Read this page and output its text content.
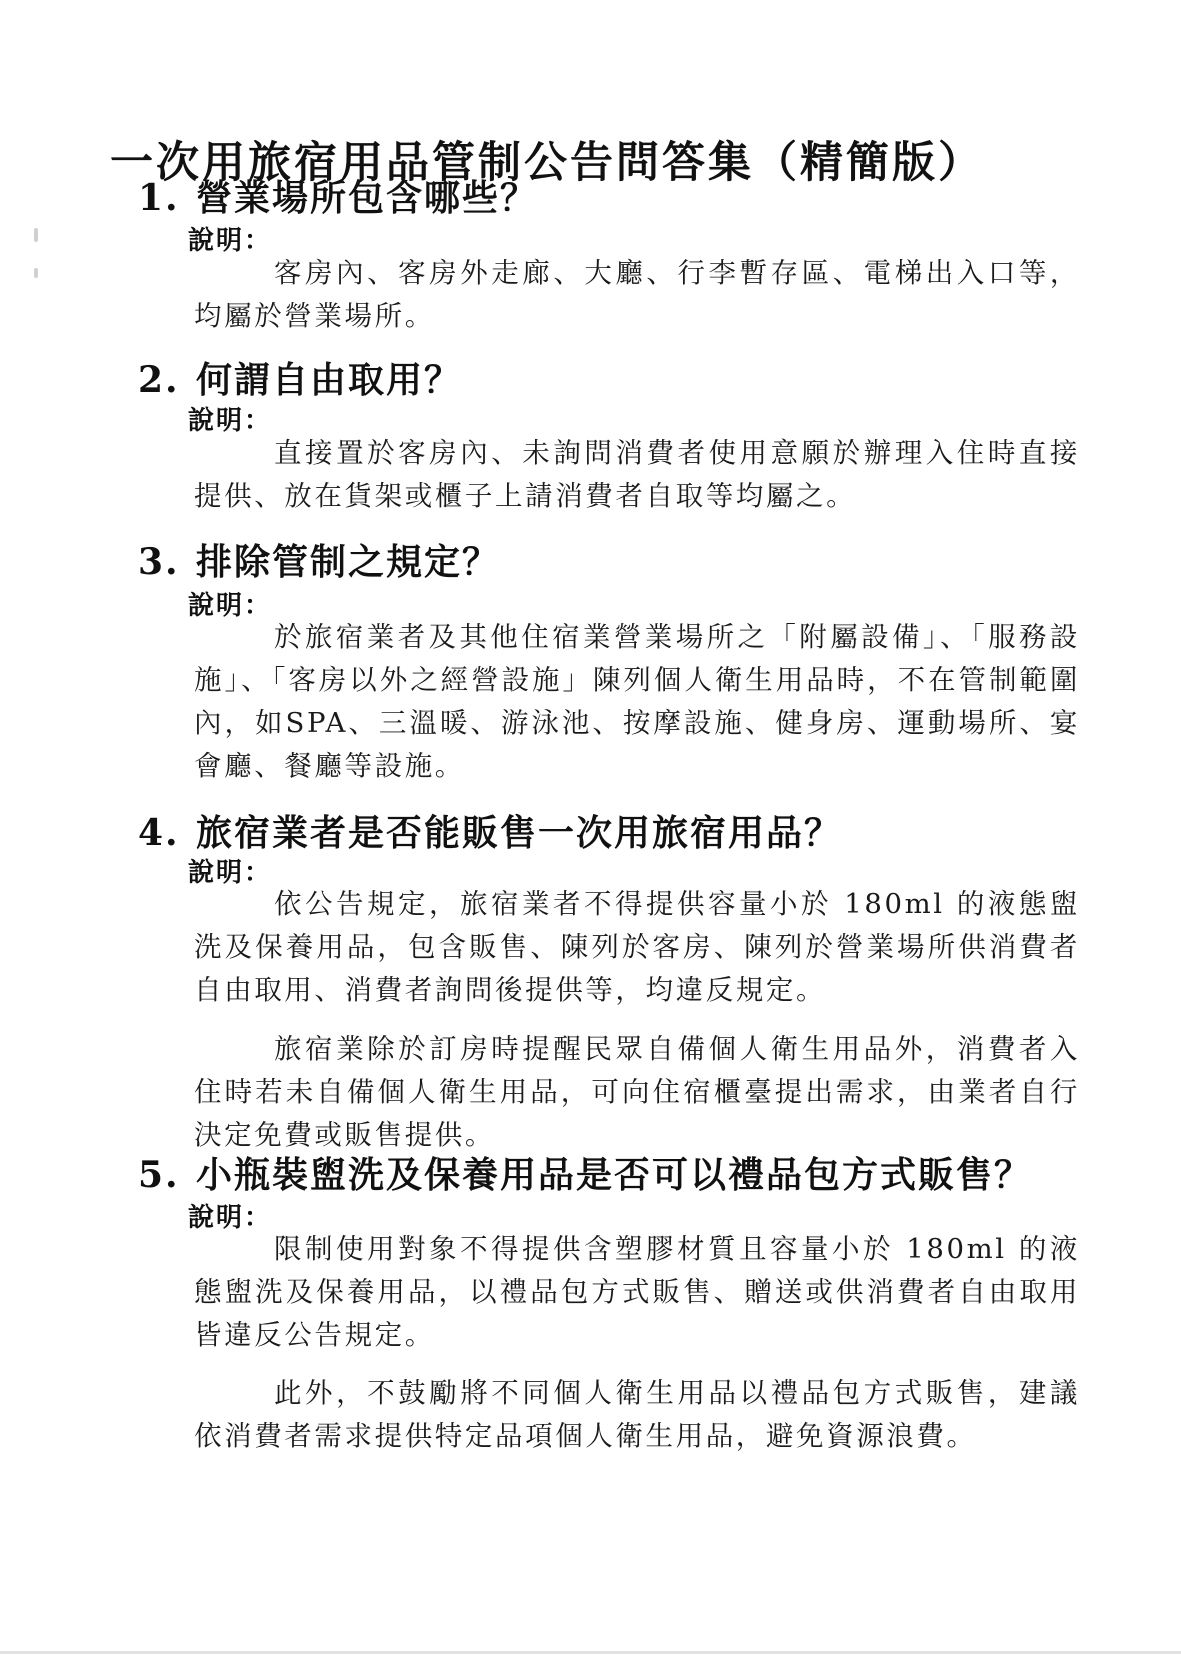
一次用旅宿用品管制公告問答集（精簡版）
1. 營業場所包含哪些？
說明：

客房內、客房外走廊、大廳、行李暫存區、電梯出入口等，均屬於營業場所。

2. 何謂自由取用？
說明：

直接置於客房內、未詢問消費者使用意願於辦理入住時直接提供、放在貨架或櫃子上請消費者自取等均屬之。

3. 排除管制之規定？
說明：

於旅宿業者及其他住宿業營業場所之「附屬設備」、「服務設施」、「客房以外之經營設施」陳列個人衛生用品時，不在管制範圍內，如SPA、三溫暖、游泳池、按摩設施、健身房、運動場所、宴會廳、餐廳等設施。

4. 旅宿業者是否能販售一次用旅宿用品？
說明：

依公告規定，旅宿業者不得提供容量小於 180ml 的液態盥洗及保養用品，包含販售、陳列於客房、陳列於營業場所供消費者自由取用、消費者詢問後提供等，均違反規定。

旅宿業除於訂房時提醒民眾自備個人衛生用品外，消費者入住時若未自備個人衛生用品，可向住宿櫃臺提出需求，由業者自行決定免費或販售提供。

5. 小瓶裝盥洗及保養用品是否可以禮品包方式販售？
說明：

限制使用對象不得提供含塑膠材質且容量小於 180ml 的液態盥洗及保養用品，以禮品包方式販售、贈送或供消費者自由取用皆違反公告規定。

此外，不鼓勵將不同個人衛生用品以禮品包方式販售，建議依消費者需求提供特定品項個人衛生用品，避免資源浪費。
